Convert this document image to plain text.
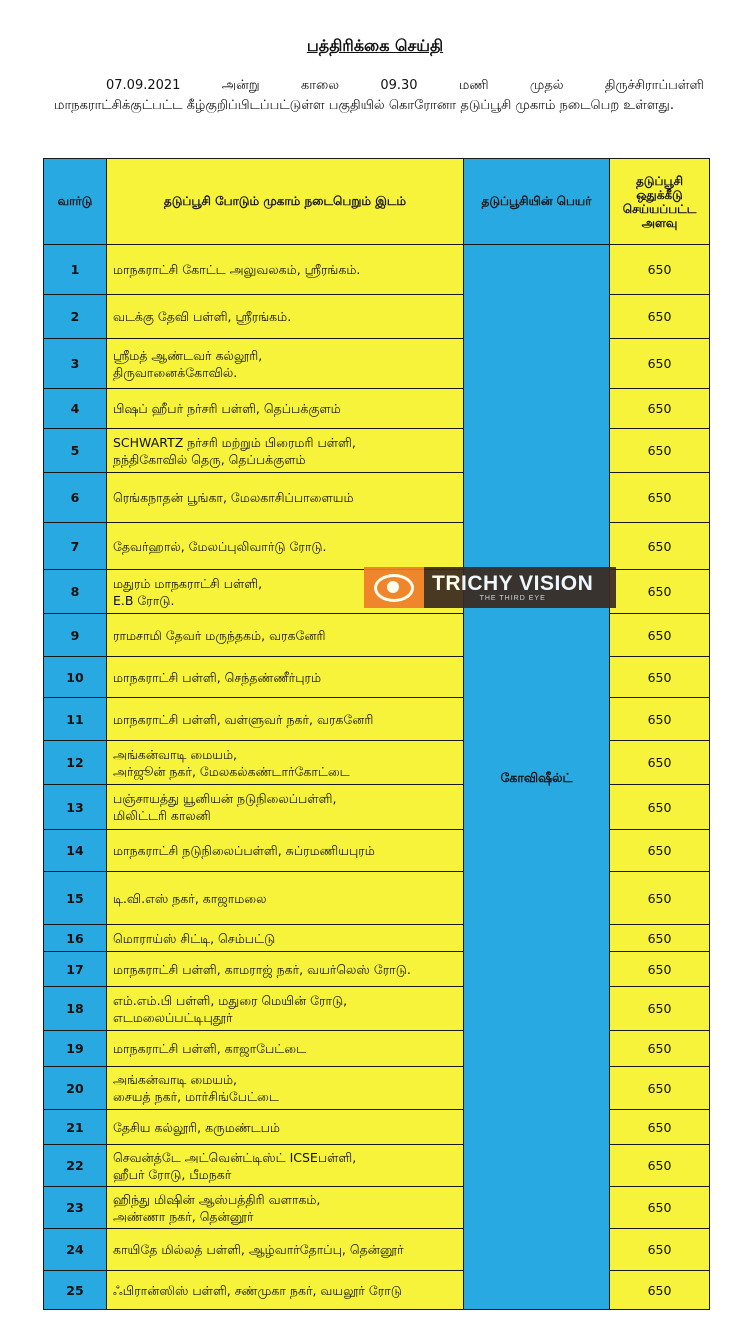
பத்திரிக்கை செய்தி
07.09.2021	அன்று	காலை	09.30	மணி	முதல்	திருச்சிராப்பள்ளி
மாநகராட்சிக்குட்பட்ட கீழ்குறிப்பிடப்பட்டுள்ள பகுதியில் கொரோனா தடுப்பூசி முகாம் நடைபெற உள்ளது.
வார்டு	தடுப்பூசி போடும் முகாம் நடைபெறும் இடம்	தடுப்பூசியின் பெயர்	தடுப்பூசி ஒதுக்கீடு செய்யப்பட்ட அளவு
1	மாநகராட்சி கோட்ட அலுவலகம், ஸ்ரீரங்கம்.	கோவிஷீல்ட்	650
2	வடக்கு தேவி பள்ளி, ஸ்ரீரங்கம்.		650
3	ஸ்ரீமத் ஆண்டவர் கல்லூரி,
திருவானைக்கோவில்.		650
4	பிஷப் ஹீபர் நர்சரி பள்ளி, தெப்பக்குளம்		650
5	SCHWARTZ நர்சரி மற்றும் பிரைமரி பள்ளி,
நந்திகோவில் தெரு, தெப்பக்குளம்		650
6	ரெங்கநாதன் பூங்கா, மேலகாசிப்பாளையம்		650
7	தேவர்ஹால், மேலப்புலிவார்டு ரோடு.		650
8	மதுரம் மாநகராட்சி பள்ளி,
E.B ரோடு.		650
9	ராமசாமி தேவர் மருந்தகம், வரகனேரி		650
10	மாநகராட்சி பள்ளி, செந்தண்ணீர்புரம்		650
11	மாநகராட்சி பள்ளி, வள்ளுவர் நகர், வரகனேரி		650
12	அங்கன்வாடி மையம்,
அர்ஜூன் நகர், மேலகல்கண்டார்கோட்டை		650
13	பஞ்சாயத்து யூனியன் நடுநிலைப்பள்ளி,
மிலிட்டரி காலனி		650
14	மாநகராட்சி நடுநிலைப்பள்ளி, சுப்ரமணியபுரம்		650
15	டி.வி.எஸ் நகர், காஜாமலை		650
16	மொராய்ஸ் சிட்டி, செம்பட்டு		650
17	மாநகராட்சி பள்ளி, காமராஜ் நகர், வயர்லெஸ் ரோடு.		650
18	எம்.எம்.பி பள்ளி, மதுரை மெயின் ரோடு,
எடமலைப்பட்டிபுதூர்		650
19	மாநகராட்சி பள்ளி, காஜாபேட்டை		650
20	அங்கன்வாடி மையம்,
சையத் நகர், மார்சிங்பேட்டை		650
21	தேசிய கல்லூரி, கருமண்டபம்		650
22	செவன்த்டே அட்வென்ட்டிஸ்ட் ICSEபள்ளி,
ஹீபர் ரோடு, பீமநகர்		650
23	ஹிந்து மிஷின் ஆஸ்பத்திரி வளாகம்,
அண்ணா நகர், தென்னூர்		650
24	காயிதே மில்லத் பள்ளி, ஆழ்வார்தோப்பு, தென்னூர்		650
25	ஃபிரான்ஸிஸ் பள்ளி, சண்முகா நகர், வயலூர் ரோடு		650
TRICHY VISION
THE THIRD EYE
